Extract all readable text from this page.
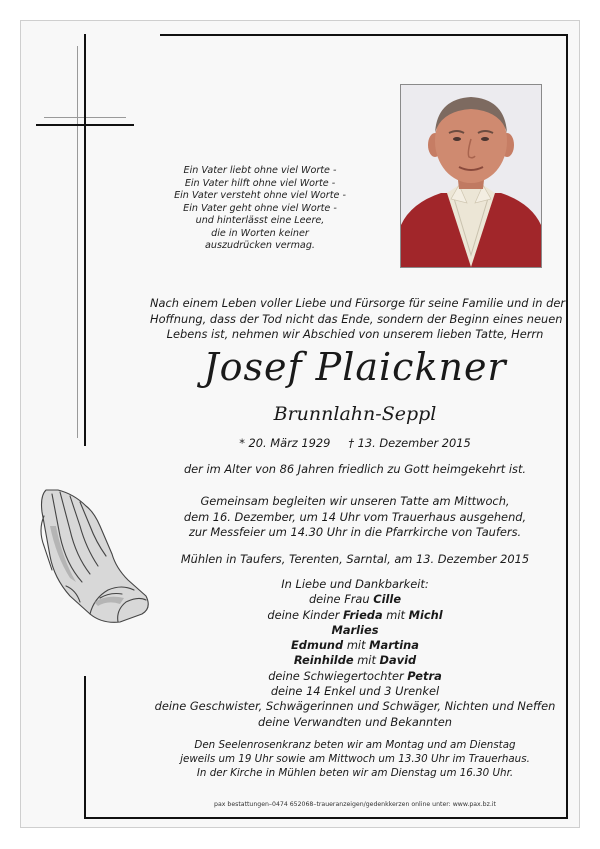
Ein Vater liebt ohne viel Worte -
Ein Vater hilft ohne viel Worte -
Ein Vater versteht ohne viel Worte -
Ein Vater geht ohne viel Worte -
und hinterlässt eine Leere,
die in Worten keiner
auszudrücken vermag.
Nach einem Leben voller Liebe und Fürsorge für seine Familie und in der
Hoffnung, dass der Tod nicht das Ende, sondern der Beginn eines neuen
Lebens ist, nehmen wir Abschied von unserem lieben Tatte, Herrn
Josef Plaickner
Brunnlahn-Seppl
* 20. März 1929 † 13. Dezember 2015
der im Alter von 86 Jahren friedlich zu Gott heimgekehrt ist.
Gemeinsam begleiten wir unseren Tatte am Mittwoch,
dem 16. Dezember, um 14 Uhr vom Trauerhaus ausgehend,
zur Messfeier um 14.30 Uhr in die Pfarrkirche von Taufers.
Mühlen in Taufers, Terenten, Sarntal, am 13. Dezember 2015
In Liebe und Dankbarkeit:
deine Frau Cille
deine Kinder Frieda mit Michl
Marlies
Edmund mit Martina
Reinhilde mit David
deine Schwiegertochter Petra
deine 14 Enkel und 3 Urenkel
deine Geschwister, Schwägerinnen und Schwäger, Nichten und Neffen
deine Verwandten und Bekannten
Den Seelenrosenkranz beten wir am Montag und am Dienstag
jeweils um 19 Uhr sowie am Mittwoch um 13.30 Uhr im Trauerhaus.
In der Kirche in Mühlen beten wir am Dienstag um 16.30 Uhr.
pax bestattungen–0474 652068–traueranzeigen/gedenkkerzen online unter: www.pax.bz.it
